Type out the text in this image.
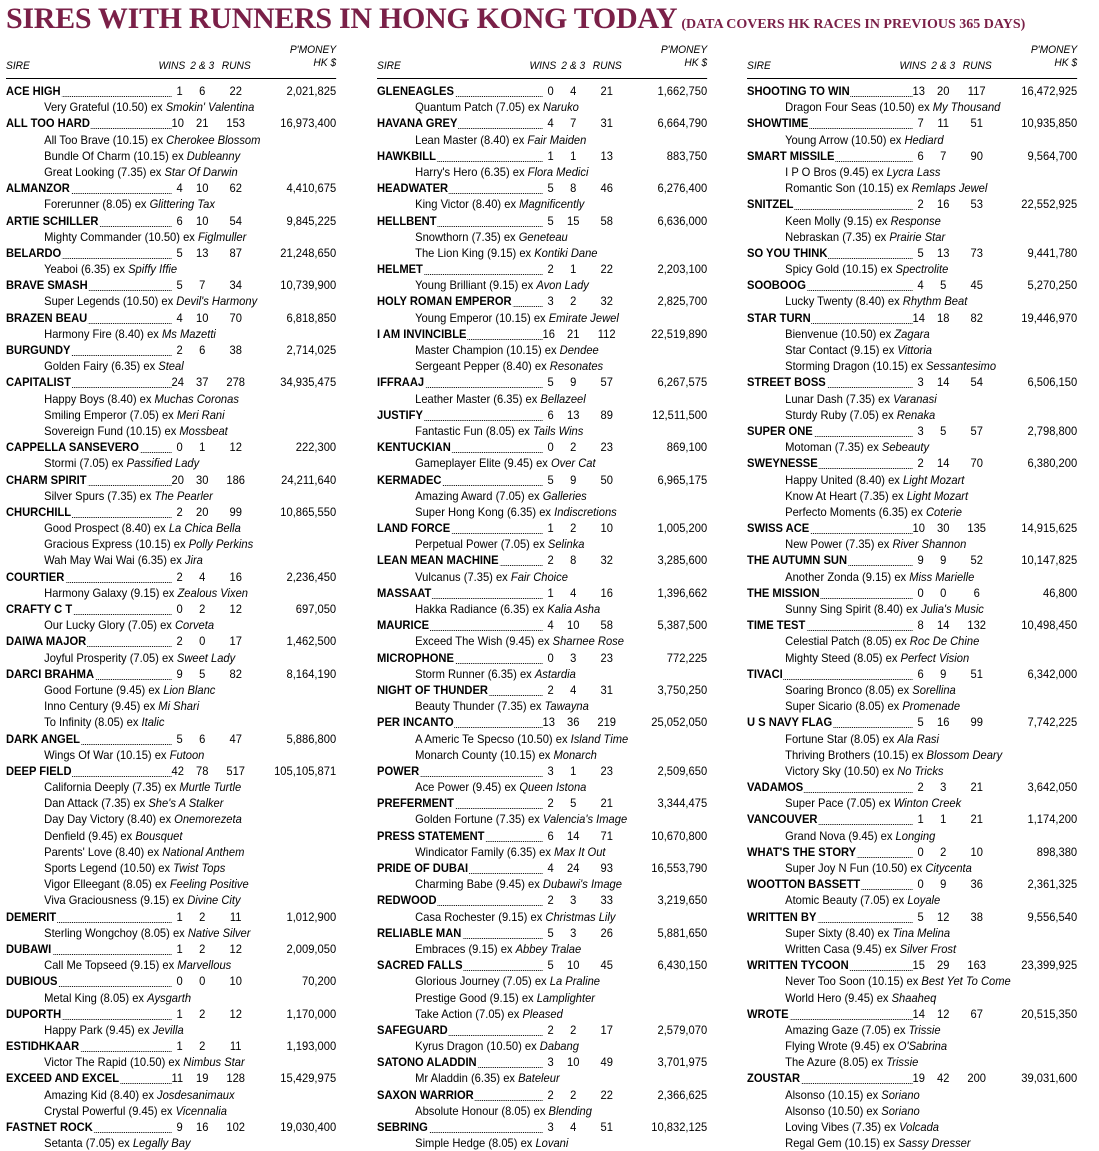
SIRES WITH RUNNERS IN HONG KONG TODAY (DATA COVERS HK RACES IN PREVIOUS 365 DAYS)
SIRE	WINS 2 & 3 RUNS
P'MONEY
HK $
ACE HIGH	1	6	22	2,021,825
Very Grateful (10.50) ex Smokin' Valentina
ALL TOO HARD	10	21	153	16,973,400
All Too Brave (10.15) ex Cherokee Blossom
Bundle Of Charm (10.15) ex Dubleanny
Great Looking (7.35) ex Star Of Darwin
ALMANZOR	4	10	62	4,410,675
Forerunner (8.05) ex Glittering Tax
ARTIE SCHILLER	6	10	54	9,845,225
Mighty Commander (10.50) ex Figlmuller
BELARDO	5	13	87	21,248,650
Yeaboi (6.35) ex Spiffy Iffie
BRAVE SMASH	5	7	34	10,739,900
Super Legends (10.50) ex Devil's Harmony
BRAZEN BEAU	4	10	70	6,818,850
Harmony Fire (8.40) ex Ms Mazetti
BURGUNDY	2	6	38	2,714,025
Golden Fairy (6.35) ex Steal
CAPITALIST	24	37	278	34,935,475
Happy Boys (8.40) ex Muchas Coronas
Smiling Emperor (7.05) ex Meri Rani
Sovereign Fund (10.15) ex Mossbeat
CAPPELLA SANSEVERO	0	1	12	222,300
Stormi (7.05) ex Passified Lady
CHARM SPIRIT	20	30	186	24,211,640
Silver Spurs (7.35) ex The Pearler
CHURCHILL	2	20	99	10,865,550
Good Prospect (8.40) ex La Chica Bella
Gracious Express (10.15) ex Polly Perkins
Wah May Wai Wai (6.35) ex Jira
COURTIER	2	4	16	2,236,450
Harmony Galaxy (9.15) ex Zealous Vixen
CRAFTY C T	0	2	12	697,050
Our Lucky Glory (7.05) ex Corveta
DAIWA MAJOR	2	0	17	1,462,500
Joyful Prosperity (7.05) ex Sweet Lady
DARCI BRAHMA	9	5	82	8,164,190
Good Fortune (9.45) ex Lion Blanc
Inno Century (9.45) ex Mi Shari
To Infinity (8.05) ex Italic
DARK ANGEL	5	6	47	5,886,800
Wings Of War (10.15) ex Futoon
DEEP FIELD	42	78	517	105,105,871
California Deeply (7.35) ex Murtle Turtle
Dan Attack (7.35) ex She's A Stalker
Day Day Victory (8.40) ex Onemorezeta
Denfield (9.45) ex Bousquet
Parents' Love (8.40) ex National Anthem
Sports Legend (10.50) ex Twist Tops
Vigor Elleegant (8.05) ex Feeling Positive
Viva Graciousness (9.15) ex Divine City
DEMERIT	1	2	11	1,012,900
Sterling Wongchoy (8.05) ex Native Silver
DUBAWI	1	2	12	2,009,050
Call Me Topseed (9.15) ex Marvellous
DUBIOUS	0	0	10	70,200
Metal King (8.05) ex Aysgarth
DUPORTH	1	2	12	1,170,000
Happy Park (9.45) ex Jevilla
ESTIDHKAAR	1	2	11	1,193,000
Victor The Rapid (10.50) ex Nimbus Star
EXCEED AND EXCEL	11	19	128	15,429,975
Amazing Kid (8.40) ex Josdesanimaux
Crystal Powerful (9.45) ex Vicennalia
FASTNET ROCK	9	16	102	19,030,400
Setanta (7.05) ex Legally Bay
SIRE	WINS 2 & 3 RUNS
P'MONEY
HK $
GLENEAGLES	0	4	21	1,662,750
Quantum Patch (7.05) ex Naruko
HAVANA GREY	4	7	31	6,664,790
Lean Master (8.40) ex Fair Maiden
HAWKBILL	1	1	13	883,750
Harry's Hero (6.35) ex Flora Medici
HEADWATER	5	8	46	6,276,400
King Victor (8.40) ex Magnificently
HELLBENT	5	15	58	6,636,000
Snowthorn (7.35) ex Geneteau
The Lion King (9.15) ex Kontiki Dane
HELMET	2	1	22	2,203,100
Young Brilliant (9.15) ex Avon Lady
HOLY ROMAN EMPEROR	3	2	32	2,825,700
Young Emperor (10.15) ex Emirate Jewel
I AM INVINCIBLE	16	21	112	22,519,890
Master Champion (10.15) ex Dendee
Sergeant Pepper (8.40) ex Resonates
IFFRAAJ	5	9	57	6,267,575
Leather Master (6.35) ex Bellazeel
JUSTIFY	6	13	89	12,511,500
Fantastic Fun (8.05) ex Tails Wins
KENTUCKIAN	0	2	23	869,100
Gameplayer Elite (9.45) ex Over Cat
KERMADEC	5	9	50	6,965,175
Amazing Award (7.05) ex Galleries
Super Hong Kong (6.35) ex Indiscretions
LAND FORCE	1	2	10	1,005,200
Perpetual Power (7.05) ex Selinka
LEAN MEAN MACHINE	2	8	32	3,285,600
Vulcanus (7.35) ex Fair Choice
MASSAAT	1	4	16	1,396,662
Hakka Radiance (6.35) ex Kalia Asha
MAURICE	4	10	58	5,387,500
Exceed The Wish (9.45) ex Sharnee Rose
MICROPHONE	0	3	23	772,225
Storm Runner (6.35) ex Astardia
NIGHT OF THUNDER	2	4	31	3,750,250
Beauty Thunder (7.35) ex Tawayna
PER INCANTO	13	36	219	25,052,050
A Americ Te Specso (10.50) ex Island Time
Monarch County (10.15) ex Monarch
POWER	3	1	23	2,509,650
Ace Power (9.45) ex Queen Istona
PREFERMENT	2	5	21	3,344,475
Golden Fortune (7.35) ex Valencia's Image
PRESS STATEMENT	6	14	71	10,670,800
Windicator Family (6.35) ex Max It Out
PRIDE OF DUBAI	4	24	93	16,553,790
Charming Babe (9.45) ex Dubawi's Image
REDWOOD	2	3	33	3,219,650
Casa Rochester (9.15) ex Christmas Lily
RELIABLE MAN	5	3	26	5,881,650
Embraces (9.15) ex Abbey Tralae
SACRED FALLS	5	10	45	6,430,150
Glorious Journey (7.05) ex La Praline
Prestige Good (9.15) ex Lamplighter
Take Action (7.05) ex Pleased
SAFEGUARD	2	2	17	2,579,070
Kyrus Dragon (10.50) ex Dabang
SATONO ALADDIN	3	10	49	3,701,975
Mr Aladdin (6.35) ex Bateleur
SAXON WARRIOR	2	2	22	2,366,625
Absolute Honour (8.05) ex Blending
SEBRING	3	4	51	10,832,125
Simple Hedge (8.05) ex Lovani
SIRE	WINS 2 & 3 RUNS
P'MONEY
HK $
SHOOTING TO WIN	13	20	117	16,472,925
Dragon Four Seas (10.50) ex My Thousand
SHOWTIME	7	11	51	10,935,850
Young Arrow (10.50) ex Hediard
SMART MISSILE	6	7	90	9,564,700
I P O Bros (9.45) ex Lycra Lass
Romantic Son (10.15) ex Remlaps Jewel
SNITZEL	2	16	53	22,552,925
Keen Molly (9.15) ex Response
Nebraskan (7.35) ex Prairie Star
SO YOU THINK	5	13	73	9,441,780
Spicy Gold (10.15) ex Spectrolite
SOOBOOG	4	5	45	5,270,250
Lucky Twenty (8.40) ex Rhythm Beat
STAR TURN	14	18	82	19,446,970
Bienvenue (10.50) ex Zagara
Star Contact (9.15) ex Vittoria
Storming Dragon (10.15) ex Sessantesimo
STREET BOSS	3	14	54	6,506,150
Lunar Dash (7.35) ex Varanasi
Sturdy Ruby (7.05) ex Renaka
SUPER ONE	3	5	57	2,798,800
Motoman (7.35) ex Sebeauty
SWEYNESSE	2	14	70	6,380,200
Happy United (8.40) ex Light Mozart
Know At Heart (7.35) ex Light Mozart
Perfecto Moments (6.35) ex Coterie
SWISS ACE	10	30	135	14,915,625
New Power (7.35) ex River Shannon
THE AUTUMN SUN	9	9	52	10,147,825
Another Zonda (9.15) ex Miss Marielle
THE MISSION	0	0	6	46,800
Sunny Sing Spirit (8.40) ex Julia's Music
TIME TEST	8	14	132	10,498,450
Celestial Patch (8.05) ex Roc De Chine
Mighty Steed (8.05) ex Perfect Vision
TIVACI	6	9	51	6,342,000
Soaring Bronco (8.05) ex Sorellina
Super Sicario (8.05) ex Promenade
U S NAVY FLAG	5	16	99	7,742,225
Fortune Star (8.05) ex Ala Rasi
Thriving Brothers (10.15) ex Blossom Deary
Victory Sky (10.50) ex No Tricks
VADAMOS	2	3	21	3,642,050
Super Pace (7.05) ex Winton Creek
VANCOUVER	1	1	21	1,174,200
Grand Nova (9.45) ex Longing
WHAT'S THE STORY	0	2	10	898,380
Super Joy N Fun (10.50) ex Citycenta
WOOTTON BASSETT	0	9	36	2,361,325
Atomic Beauty (7.05) ex Loyale
WRITTEN BY	5	12	38	9,556,540
Super Sixty (8.40) ex Tina Melina
Written Casa (9.45) ex Silver Frost
WRITTEN TYCOON	15	29	163	23,399,925
Never Too Soon (10.15) ex Best Yet To Come
World Hero (9.45) ex Shaaheq
WROTE	14	12	67	20,515,350
Amazing Gaze (7.05) ex Trissie
Flying Wrote (9.45) ex O'Sabrina
The Azure (8.05) ex Trissie
ZOUSTAR	19	42	200	39,031,600
Alsonso (10.15) ex Soriano
Alsonso (10.50) ex Soriano
Loving Vibes (7.35) ex Volcada
Regal Gem (10.15) ex Sassy Dresser
